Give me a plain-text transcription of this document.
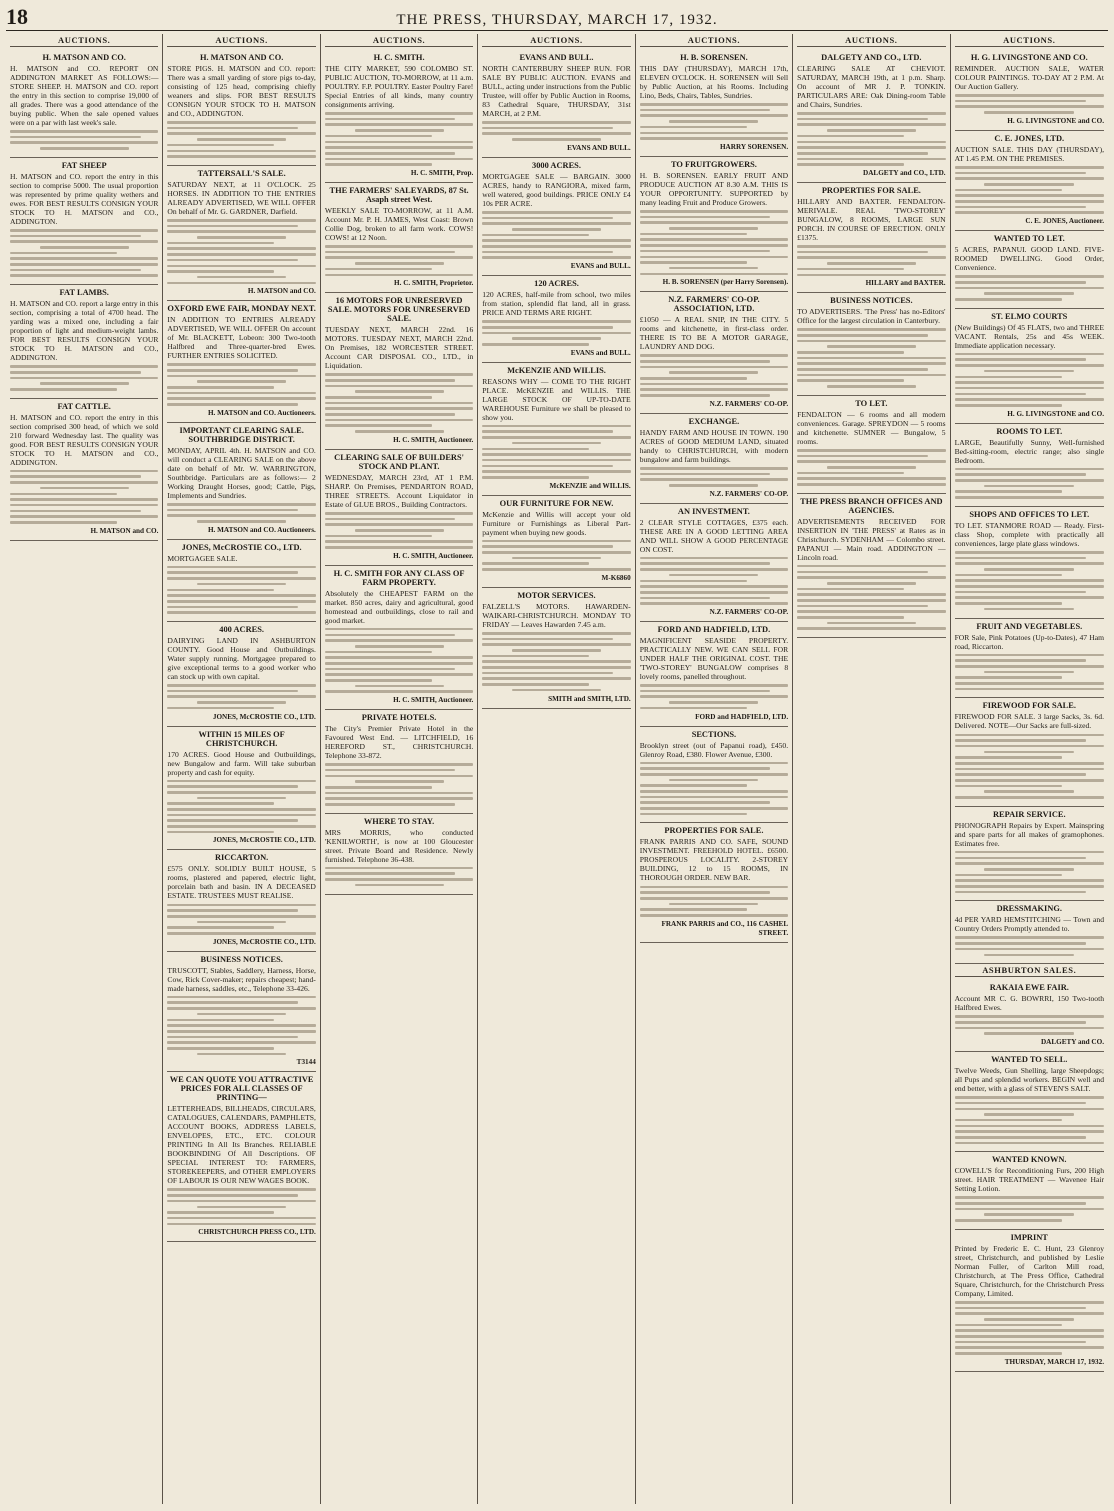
18	THE PRESS, THURSDAY, MARCH 17, 1932.
AUCTIONS.
H. MATSON AND CO.

H. MATSON and CO. REPORT ON ADDINGTON MARKET AS FOLLOWS:— STORE SHEEP. H. MATSON and CO. report the entry in this section to comprise 19,000 of all grades. There was a good attendance of the buying public. When the sale opened values were on a par with last week's sale.

FAT SHEEP

H. MATSON and CO. report the entry in this section to comprise 5000. The usual proportion was represented by prime quality wethers and ewes. FOR BEST RESULTS CONSIGN YOUR STOCK TO H. MATSON and CO., ADDINGTON.

FAT LAMBS.

H. MATSON and CO. report a large entry in this section, comprising a total of 4700 head. The yarding was a mixed one, including a fair proportion of light and medium-weight lambs. FOR BEST RESULTS CONSIGN YOUR STOCK TO H. MATSON and CO., ADDINGTON.

FAT CATTLE.

H. MATSON and CO. report the entry in this section comprised 300 head, of which we sold 210 forward Wednesday last. The quality was good. FOR BEST RESULTS CONSIGN YOUR STOCK TO H. MATSON and CO., ADDINGTON.

H. MATSON and CO.
AUCTIONS.
H. MATSON AND CO.

STORE PIGS. H. MATSON and CO. report: There was a small yarding of store pigs to-day, consisting of 125 head, comprising chiefly weaners and slips. FOR BEST RESULTS CONSIGN YOUR STOCK TO H. MATSON and CO., ADDINGTON.

TATTERSALL'S SALE.

SATURDAY NEXT, at 11 O'CLOCK. 25 HORSES. IN ADDITION TO THE ENTRIES ALREADY ADVERTISED, WE WILL OFFER On behalf of Mr. G. GARDNER, Darfield.

H. MATSON and CO.
OXFORD EWE FAIR, MONDAY NEXT.

IN ADDITION TO ENTRIES ALREADY ADVERTISED, WE WILL OFFER On account of Mr. BLACKETT, Lobeon: 300 Two-tooth Halfbred and Three-quarter-bred Ewes. FURTHER ENTRIES SOLICITED.

H. MATSON and CO. Auctioneers.
IMPORTANT CLEARING SALE. SOUTHBRIDGE DISTRICT.

MONDAY, APRIL 4th. H. MATSON and CO. will conduct a CLEARING SALE on the above date on behalf of Mr. W. WARRINGTON, Southbridge. Particulars are as follows:— 2 Working Draught Horses, good; Cattle, Pigs, Implements and Sundries.

H. MATSON and CO. Auctioneers.
JONES, McCROSTIE CO., LTD.

MORTGAGEE SALE.

400 ACRES.

DAIRYING LAND IN ASHBURTON COUNTY. Good House and Outbuildings. Water supply running. Mortgagee prepared to give exceptional terms to a good worker who can stock up with own capital.

JONES, McCROSTIE CO., LTD.
WITHIN 15 MILES OF CHRISTCHURCH.

170 ACRES. Good House and Outbuildings, new Bungalow and farm. Will take suburban property and cash for equity.

JONES, McCROSTIE CO., LTD.
RICCARTON.

£575 ONLY. SOLIDLY BUILT HOUSE, 5 rooms, plastered and papered, electric light, porcelain bath and basin. IN A DECEASED ESTATE. TRUSTEES MUST REALISE.

JONES, McCROSTIE CO., LTD.
BUSINESS NOTICES.

TRUSCOTT, Stables, Saddlery, Harness, Horse, Cow, Rick Cover-maker; repairs cheapest; hand-made harness, saddles, etc., Telephone 33-426.

T3144
WE CAN QUOTE YOU ATTRACTIVE PRICES FOR ALL CLASSES OF PRINTING—

LETTERHEADS, BILLHEADS, CIRCULARS, CATALOGUES, CALENDARS, PAMPHLETS, ACCOUNT BOOKS, ADDRESS LABELS, ENVELOPES, ETC., ETC. COLOUR PRINTING In All Its Branches. RELIABLE BOOKBINDING Of All Descriptions. OF SPECIAL INTEREST TO: FARMERS, STOREKEEPERS, and OTHER EMPLOYERS OF LABOUR IS OUR NEW WAGES BOOK.

CHRISTCHURCH PRESS CO., LTD.
AUCTIONS.
H. C. SMITH.

THE CITY MARKET, 590 COLOMBO ST. PUBLIC AUCTION, TO-MORROW, at 11 a.m. POULTRY. F.P. POULTRY. Easter Poultry Fare! Special Entries of all kinds, many country consignments arriving.

H. C. SMITH, Prop.
THE FARMERS' SALEYARDS, 87 St. Asaph street West.

WEEKLY SALE TO-MORROW, at 11 A.M. Account Mr. P. H. JAMES, West Coast: Brown Collie Dog, broken to all farm work. COWS! COWS! at 12 Noon.

H. C. SMITH, Proprietor.
16 MOTORS FOR UNRESERVED SALE. MOTORS FOR UNRESERVED SALE.

TUESDAY NEXT, MARCH 22nd. 16 MOTORS. TUESDAY NEXT, MARCH 22nd. On Premises, 182 WORCESTER STREET. Account CAR DISPOSAL CO., LTD., in Liquidation.

H. C. SMITH, Auctioneer.
CLEARING SALE OF BUILDERS' STOCK AND PLANT.

WEDNESDAY, MARCH 23rd, AT 1 P.M. SHARP. On Premises, PENDARTON ROAD, THREE STREETS. Account Liquidator in Estate of GLUE BROS., Building Contractors.

H. C. SMITH, Auctioneer.
H. C. SMITH FOR ANY CLASS OF FARM PROPERTY.

Absolutely the CHEAPEST FARM on the market. 850 acres, dairy and agricultural, good homestead and outbuildings, close to rail and good market.

H. C. SMITH, Auctioneer.
PRIVATE HOTELS.

The City's Premier Private Hotel in the Favoured West End. — LITCHFIELD, 16 HEREFORD ST., CHRISTCHURCH. Telephone 33-872.

WHERE TO STAY.

MRS MORRIS, who conducted 'KENILWORTH', is now at 100 Gloucester street. Private Board and Residence. Newly furnished. Telephone 36-438.

AUCTIONS.
EVANS AND BULL.

NORTH CANTERBURY SHEEP RUN. FOR SALE BY PUBLIC AUCTION. EVANS and BULL, acting under instructions from the Public Trustee, will offer by Public Auction in Rooms, 83 Cathedral Square, THURSDAY, 31st MARCH, at 2 P.M.

EVANS AND BULL.
3000 ACRES.

MORTGAGEE SALE — BARGAIN. 3000 ACRES, handy to RANGIORA, mixed farm, well watered, good buildings. PRICE ONLY £4 10s PER ACRE.

EVANS and BULL.
120 ACRES.

120 ACRES, half-mile from school, two miles from station, splendid flat land, all in grass. PRICE AND TERMS ARE RIGHT.

EVANS and BULL.
McKENZIE AND WILLIS.

REASONS WHY — COME TO THE RIGHT PLACE. McKENZIE and WILLIS. THE LARGE STOCK OF UP-TO-DATE WAREHOUSE Furniture we shall be pleased to show you.

McKENZIE and WILLIS.
OUR FURNITURE FOR NEW.

McKenzie and Willis will accept your old Furniture or Furnishings as Liberal Part-payment when buying new goods.

M-K6860
MOTOR SERVICES.

FALZELL'S MOTORS. HAWARDEN-WAIKARI-CHRISTCHURCH. MONDAY TO FRIDAY — Leaves Hawarden 7.45 a.m.

SMITH and SMITH, LTD.
AUCTIONS.
H. B. SORENSEN.

THIS DAY (THURSDAY), MARCH 17th, ELEVEN O'CLOCK. H. SORENSEN will Sell by Public Auction, at his Rooms. Including Lino, Beds, Chairs, Tables, Sundries.

HARRY SORENSEN.
TO FRUITGROWERS.

H. B. SORENSEN. EARLY FRUIT AND PRODUCE AUCTION AT 8.30 A.M. THIS IS YOUR OPPORTUNITY. SUPPORTED by many leading Fruit and Produce Growers.

H. B. SORENSEN (per Harry Sorensen).
N.Z. FARMERS' CO-OP. ASSOCIATION, LTD.

£1050 — A REAL SNIP, IN THE CITY. 5 rooms and kitchenette, in first-class order. THERE IS TO BE A MOTOR GARAGE, LAUNDRY AND DOG.

N.Z. FARMERS' CO-OP.
EXCHANGE.

HANDY FARM AND HOUSE IN TOWN. 190 ACRES of GOOD MEDIUM LAND, situated handy to CHRISTCHURCH, with modern bungalow and farm buildings.

N.Z. FARMERS' CO-OP.
AN INVESTMENT.

2 CLEAR STYLE COTTAGES, £375 each. THESE ARE IN A GOOD LETTING AREA AND WILL SHOW A GOOD PERCENTAGE ON COST.

N.Z. FARMERS' CO-OP.
FORD AND HADFIELD, LTD.

MAGNIFICENT SEASIDE PROPERTY. PRACTICALLY NEW. WE CAN SELL FOR UNDER HALF THE ORIGINAL COST. THE 'TWO-STOREY' BUNGALOW comprises 8 lovely rooms, panelled throughout.

FORD and HADFIELD, LTD.
SECTIONS.

Brooklyn street (out of Papanui road), £450. Glenroy Road, £380. Flower Avenue, £300.

PROPERTIES FOR SALE.

FRANK PARRIS AND CO. SAFE, SOUND INVESTMENT. FREEHOLD HOTEL. £6500. PROSPEROUS LOCALITY. 2-STOREY BUILDING, 12 to 15 ROOMS, IN THOROUGH ORDER. NEW BAR.

FRANK PARRIS and CO., 116 CASHEL STREET.
AUCTIONS.
DALGETY AND CO., LTD.

CLEARING SALE AT CHEVIOT. SATURDAY, MARCH 19th, at 1 p.m. Sharp. On account of MR J. P. TONKIN. PARTICULARS ARE: Oak Dining-room Table and Chairs, Sundries.

DALGETY and CO., LTD.
PROPERTIES FOR SALE.

HILLARY AND BAXTER. FENDALTON-MERIVALE. REAL 'TWO-STOREY' BUNGALOW, 8 ROOMS, LARGE SUN PORCH. IN COURSE OF ERECTION. ONLY £1375.

HILLARY and BAXTER.
BUSINESS NOTICES.

TO ADVERTISERS. 'The Press' has no-Editors' Office for the largest circulation in Canterbury.

TO LET.

FENDALTON — 6 rooms and all modern conveniences. Garage. SPREYDON — 5 rooms and kitchenette. SUMNER — Bungalow, 5 rooms.

THE PRESS BRANCH OFFICES AND AGENCIES.

ADVERTISEMENTS RECEIVED FOR INSERTION IN 'THE PRESS' at Rates as in Christchurch. SYDENHAM — Colombo street. PAPANUI — Main road. ADDINGTON — Lincoln road.

AUCTIONS.
H. G. LIVINGSTONE AND CO.

REMINDER. AUCTION SALE, WATER COLOUR PAINTINGS. TO-DAY AT 2 P.M. At Our Auction Gallery.

H. G. LIVINGSTONE and CO.
C. E. JONES, LTD.

AUCTION SALE. THIS DAY (THURSDAY), AT 1.45 P.M. ON THE PREMISES.

C. E. JONES, Auctioneer.
WANTED TO LET.

5 ACRES, PAPANUI. GOOD LAND. FIVE-ROOMED DWELLING. Good Order, Convenience.

ST. ELMO COURTS

(New Buildings) Of 45 FLATS, two and THREE VACANT. Rentals, 25s and 45s WEEK. Immediate application necessary.

H. G. LIVINGSTONE and CO.
ROOMS TO LET.

LARGE, Beautifully Sunny, Well-furnished Bed-sitting-room, electric range; also single Bedroom.

SHOPS AND OFFICES TO LET.

TO LET. STANMORE ROAD — Ready. First-class Shop, complete with practically all conveniences, large plate glass windows.

FRUIT AND VEGETABLES.

FOR Sale, Pink Potatoes (Up-to-Dates), 47 Ham road, Riccarton.

FIREWOOD FOR SALE.

FIREWOOD FOR SALE. 3 large Sacks, 3s. 6d. Delivered. NOTE—Our Sacks are full-sized.

REPAIR SERVICE.

PHONOGRAPH Repairs by Expert. Mainspring and spare parts for all makes of gramophones. Estimates free.

DRESSMAKING.

4d PER YARD HEMSTITCHING — Town and Country Orders Promptly attended to.

ASHBURTON SALES.
RAKAIA EWE FAIR.

Account MR C. G. BOWRRI, 150 Two-tooth Halfbred Ewes.

DALGETY and CO.
WANTED TO SELL.

Twelve Weeds, Gun Shelling, large Sheepdogs; all Pups and splendid workers. BEGIN well and end better, with a glass of STEVEN'S SALT.

WANTED KNOWN.

COWELL'S for Reconditioning Furs, 200 High street. HAIR TREATMENT — Wavenee Hair Setting Lotion.

IMPRINT

Printed by Frederic E. C. Hunt, 23 Glenroy street, Christchurch, and published by Leslie Norman Fuller, of Carlton Mill road, Christchurch, at The Press Office, Cathedral Square, Christchurch, for the Christchurch Press Company, Limited.

THURSDAY, MARCH 17, 1932.
